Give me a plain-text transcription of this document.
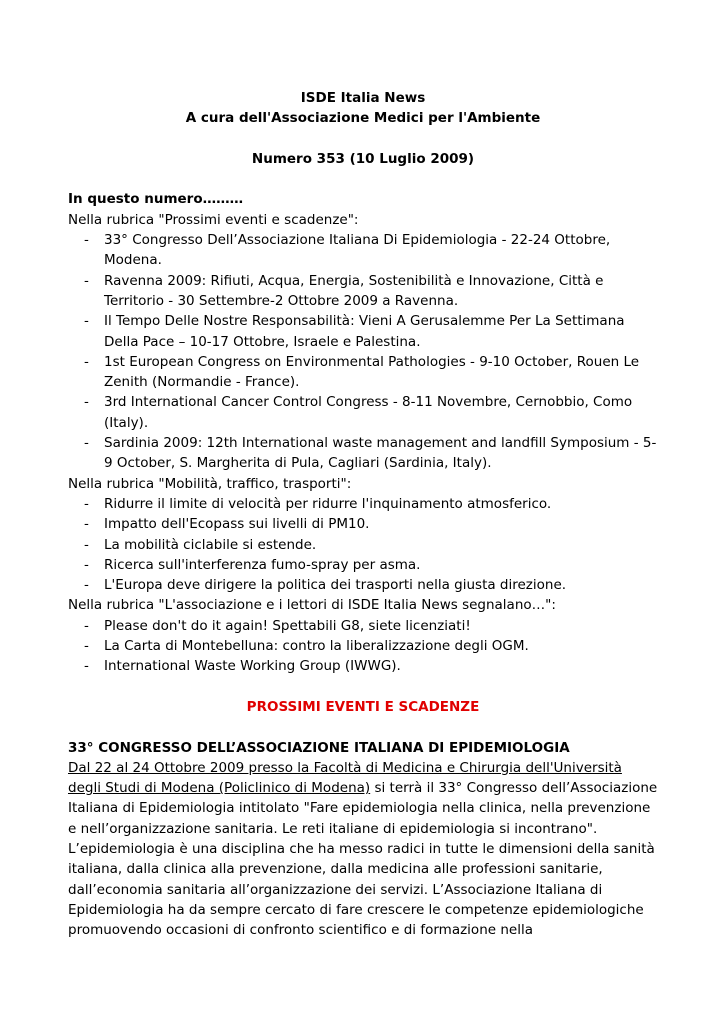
ISDE Italia News
A cura dell'Associazione Medici per l'Ambiente
Numero 353 (10 Luglio 2009)
In questo numero………
Nella rubrica "Prossimi eventi e scadenze":
- 33° Congresso Dell’Associazione Italiana Di Epidemiologia - 22-24 Ottobre, Modena.
- Ravenna 2009: Rifiuti, Acqua, Energia, Sostenibilità e Innovazione, Città e Territorio - 30 Settembre-2 Ottobre 2009 a Ravenna.
- Il Tempo Delle Nostre Responsabilità: Vieni A Gerusalemme Per La Settimana Della Pace – 10-17 Ottobre, Israele e Palestina.
- 1st European Congress on Environmental Pathologies - 9-10 October, Rouen Le Zenith (Normandie - France).
- 3rd International Cancer Control Congress - 8-11 Novembre, Cernobbio, Como (Italy).
- Sardinia 2009: 12th International waste management and landfill Symposium - 5-9 October, S. Margherita di Pula, Cagliari (Sardinia, Italy).
Nella rubrica "Mobilità, traffico, trasporti":
- Ridurre il limite di velocità per ridurre l'inquinamento atmosferico.
- Impatto dell'Ecopass sui livelli di PM10.
- La mobilità ciclabile si estende.
- Ricerca sull'interferenza fumo-spray per asma.
- L'Europa deve dirigere la politica dei trasporti nella giusta direzione.
Nella rubrica "L'associazione e i lettori di ISDE Italia News segnalano…":
- Please don't do it again! Spettabili G8, siete licenziati!
- La Carta di Montebelluna: contro la liberalizzazione degli OGM.
- International Waste Working Group (IWWG).
PROSSIMI EVENTI E SCADENZE
33° CONGRESSO DELL’ASSOCIAZIONE ITALIANA DI EPIDEMIOLOGIA

Dal 22 al 24 Ottobre 2009 presso la Facoltà di Medicina e Chirurgia dell'Università degli Studi di Modena (Policlinico di Modena) si terrà il 33° Congresso dell’Associazione Italiana di Epidemiologia intitolato "Fare epidemiologia nella clinica, nella prevenzione e nell’organizzazione sanitaria. Le reti italiane di epidemiologia si incontrano". L’epidemiologia è una disciplina che ha messo radici in tutte le dimensioni della sanità italiana, dalla clinica alla prevenzione, dalla medicina alle professioni sanitarie, dall’economia sanitaria all’organizzazione dei servizi. L’Associazione Italiana di Epidemiologia ha da sempre cercato di fare crescere le competenze epidemiologiche promuovendo occasioni di confronto scientifico e di formazione nella
